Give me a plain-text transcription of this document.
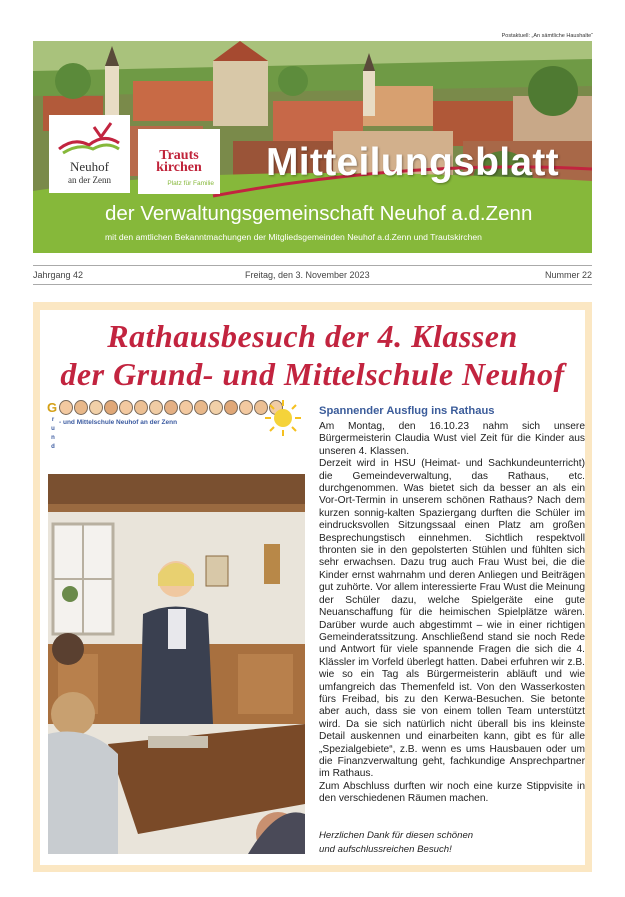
Postaktuell: „An sämtliche Haushalte“
Mitteilungsblatt
der Verwaltungsgemeinschaft Neuhof a.d.Zenn
mit den amtlichen Bekanntmachungen der Mitgliedsgemeinden Neuhof a.d.Zenn und Trautskirchen
Neuhof
an der Zenn
Trauts
kirchen
Platz für Familie
Jahrgang 42	Freitag, den 3. November 2023	Nummer 22
Rathausbesuch der 4. Klassen
der Grund- und Mittelschule Neuhof
G
r
u
n
d
- und Mittelschule Neuhof an der Zenn
Spannender Ausflug ins Rathaus

Am Montag, den 16.10.23 nahm sich unsere Bürgermeisterin Claudia Wust viel Zeit für die Kinder aus unseren 4. Klassen.

Derzeit wird in HSU (Heimat- und Sachkundeunterricht) die Gemeindeverwaltung, das Rathaus, etc. durchgenommen. Was bietet sich da besser an als ein Vor-Ort-Termin in unserem schönen Rathaus? Nach dem kurzen sonnig-kalten Spaziergang durften die Schüler im eindrucksvollen Sitzungssaal einen Platz am großen Besprechungstisch einnehmen. Sichtlich respektvoll thronten sie in den gepolsterten Stühlen und fühlten sich sehr erwachsen. Dazu trug auch Frau Wust bei, die die Kinder ernst wahrnahm und deren Anliegen und Beiträgen gut zuhörte. Vor allem interessierte Frau Wust die Meinung der Schüler dazu, welche Spielgeräte eine gute Neuanschaffung für die heimischen Spielplätze wären. Darüber wurde auch abgestimmt – wie in einer richtigen Gemeinderatssitzung. Anschließend stand sie noch Rede und Antwort für viele spannende Fragen die sich die 4. Klässler im Vorfeld überlegt hatten. Dabei erfuhren wir z.B. wie so ein Tag als Bürgermeisterin abläuft und wie umfangreich das Themenfeld ist. Von den Wasserkosten fürs Freibad, bis zu den Kerwa-Besuchen. Sie betonte aber auch, dass sie von einem tollen Team unterstützt wird. Da sie sich natürlich nicht überall bis ins kleinste Detail auskennen und einarbeiten kann, gibt es für alle „Spezialgebiete“, z.B. wenn es ums Hausbauen oder um die Finanzverwaltung geht, fachkundige Ansprechpartner im Rathaus.

Zum Abschluss durften wir noch eine kurze Stippvisite in den verschiedenen Räumen machen.

Herzlichen Dank für diesen schönen
und aufschlussreichen Besuch!
